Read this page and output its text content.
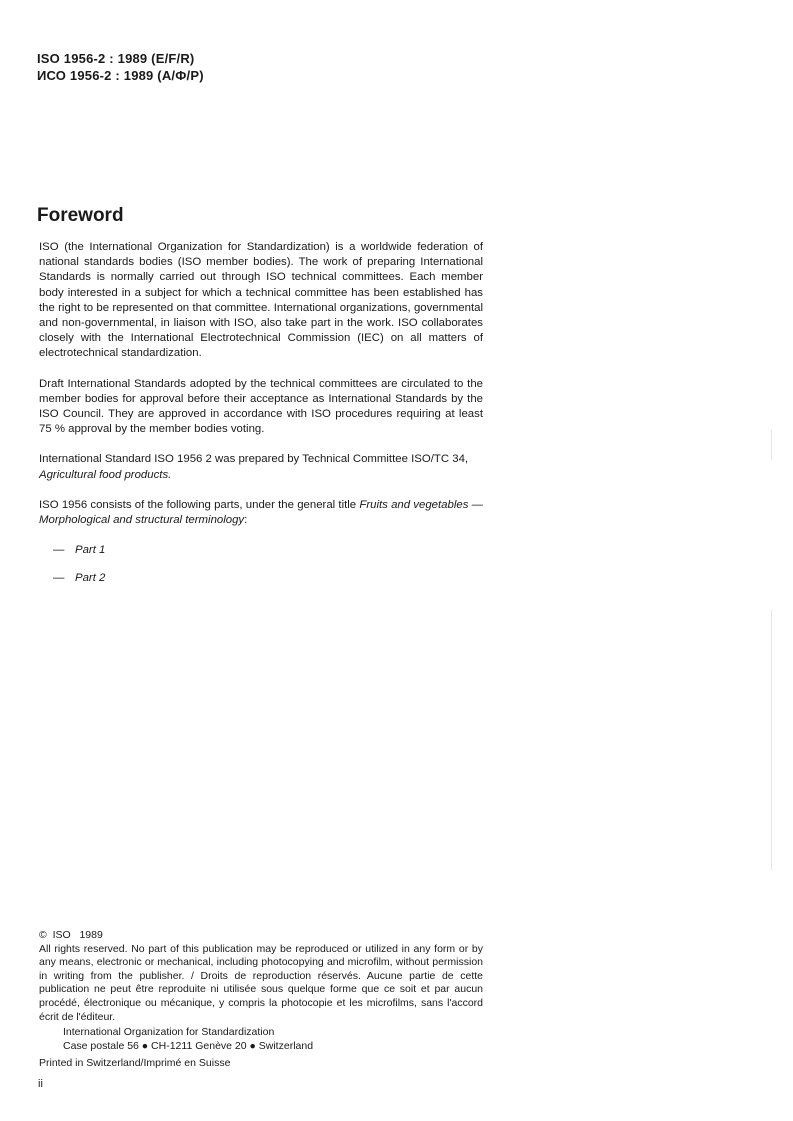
ISO 1956-2 : 1989 (E/F/R)
ИСО 1956-2 : 1989 (А/Ф/Р)
Foreword

ISO (the International Organization for Standardization) is a worldwide federation of national standards bodies (ISO member bodies). The work of preparing International Standards is normally carried out through ISO technical committees. Each member body interested in a subject for which a technical committee has been established has the right to be represented on that committee. International organizations, governmental and non-governmental, in liaison with ISO, also take part in the work. ISO collaborates closely with the International Electrotechnical Commission (IEC) on all matters of electrotechnical standardization.

Draft International Standards adopted by the technical committees are circulated to the member bodies for approval before their acceptance as International Standards by the ISO Council. They are approved in accordance with ISO procedures requiring at least 75 % approval by the member bodies voting.

International Standard ISO 1956 2 was prepared by Technical Committee ISO/TC 34,
Agricultural food products.

ISO 1956 consists of the following parts, under the general title Fruits and vegetables — Morphological and structural terminology:

— Part 1
— Part 2
© ISO 1989

All rights reserved. No part of this publication may be reproduced or utilized in any form or by any means, electronic or mechanical, including photocopying and microfilm, without permission in writing from the publisher. / Droits de reproduction réservés. Aucune partie de cette publication ne peut être reproduite ni utilisée sous quelque forme que ce soit et par aucun procédé, électronique ou mécanique, y compris la photocopie et les microfilms, sans l'accord écrit de l'éditeur.

International Organization for Standardization
Case postale 56 ● CH-1211 Genève 20 ● Switzerland
Printed in Switzerland/Imprimé en Suisse
ii
